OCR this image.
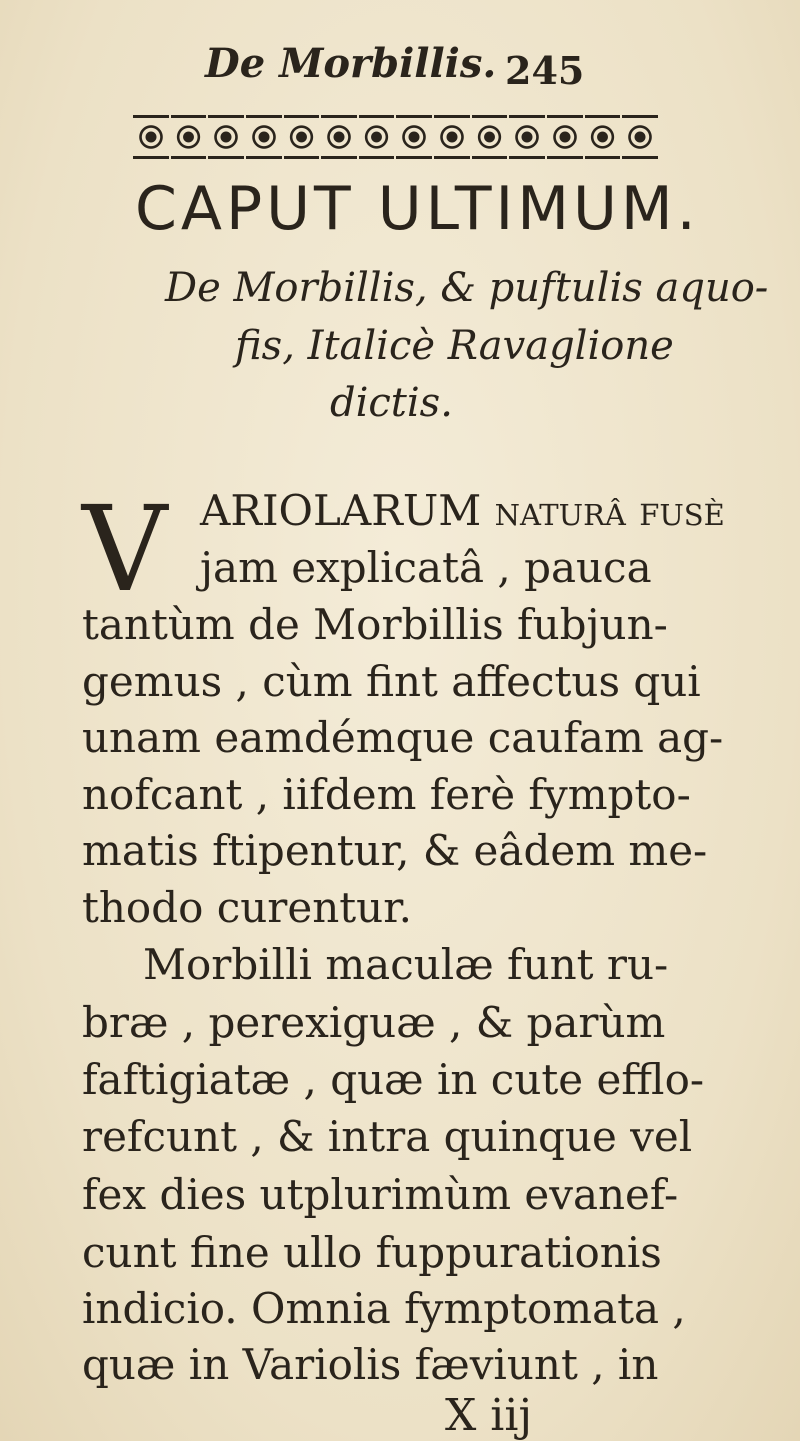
De Morbillis. 245
CAPUT ULTIMUM.
De Morbillis, & puftulis aquo-
fis, Italicè Ravaglione
dictis.
V ARIOLARUM naturâ fusè
jam explicatâ , pauca
tantùm de Morbillis fubjun-
gemus , cùm fint affectus qui
unam eamdémque caufam ag-
nofcant , iifdem ferè fympto-
matis ftipentur, & eâdem me-
thodo curentur.
Morbilli maculæ funt ru-
bræ , perexiguæ , & parùm
faftigiatæ , quæ in cute efflo-
refcunt , & intra quinque vel
fex dies utplurimùm evanef-
cunt fine ullo fuppurationis
indicio. Omnia fymptomata ,
quæ in Variolis fæviunt , in
X iij
